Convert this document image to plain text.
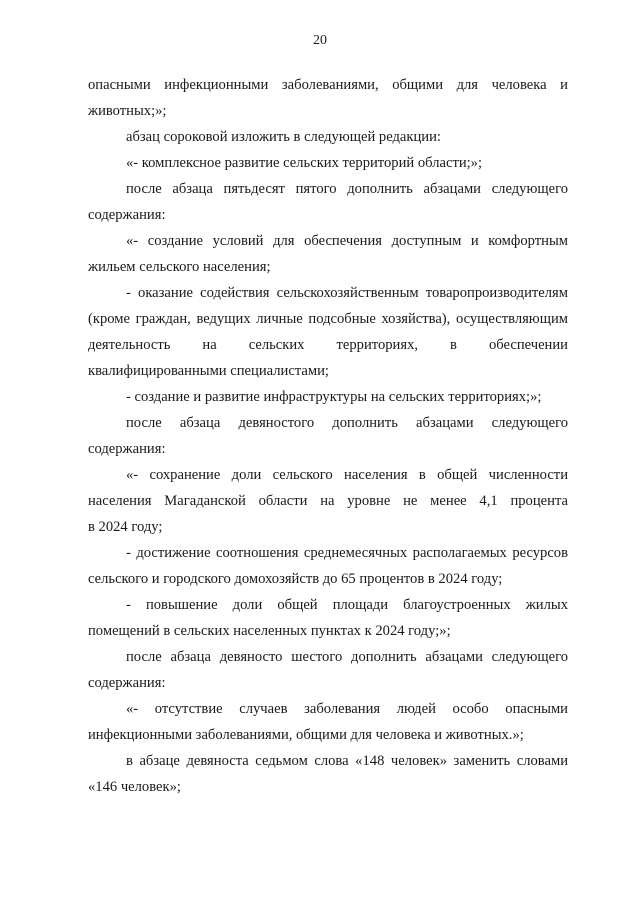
20

опасными инфекционными заболеваниями, общими для человека и

животных;»;

абзац сороковой изложить в следующей редакции:

«- комплексное развитие сельских территорий области;»;

после абзаца пятьдесят пятого дополнить абзацами следующего

содержания:

«- создание условий для обеспечения доступным и комфортным

жильем сельского населения;

- оказание содействия сельскохозяйственным товаропроизводителям

(кроме граждан, ведущих личные подсобные хозяйства), осуществляющим

деятельность на сельских территориях, в обеспечении

квалифицированными специалистами;

- создание и развитие инфраструктуры на сельских территориях;»;

после абзаца девяностого дополнить абзацами следующего

содержания:

«- сохранение доли сельского населения в общей численности

населения Магаданской области на уровне не менее 4,1 процента

в 2024 году;

- достижение соотношения среднемесячных располагаемых ресурсов

сельского и городского домохозяйств до 65 процентов в 2024 году;

- повышение доли общей площади благоустроенных жилых

помещений в сельских населенных пунктах к 2024 году;»;

после абзаца девяносто шестого дополнить абзацами следующего

содержания:

«- отсутствие случаев заболевания людей особо опасными

инфекционными заболеваниями, общими для человека и животных.»;

в абзаце девяноста седьмом слова «148 человек» заменить словами

«146 человек»;
